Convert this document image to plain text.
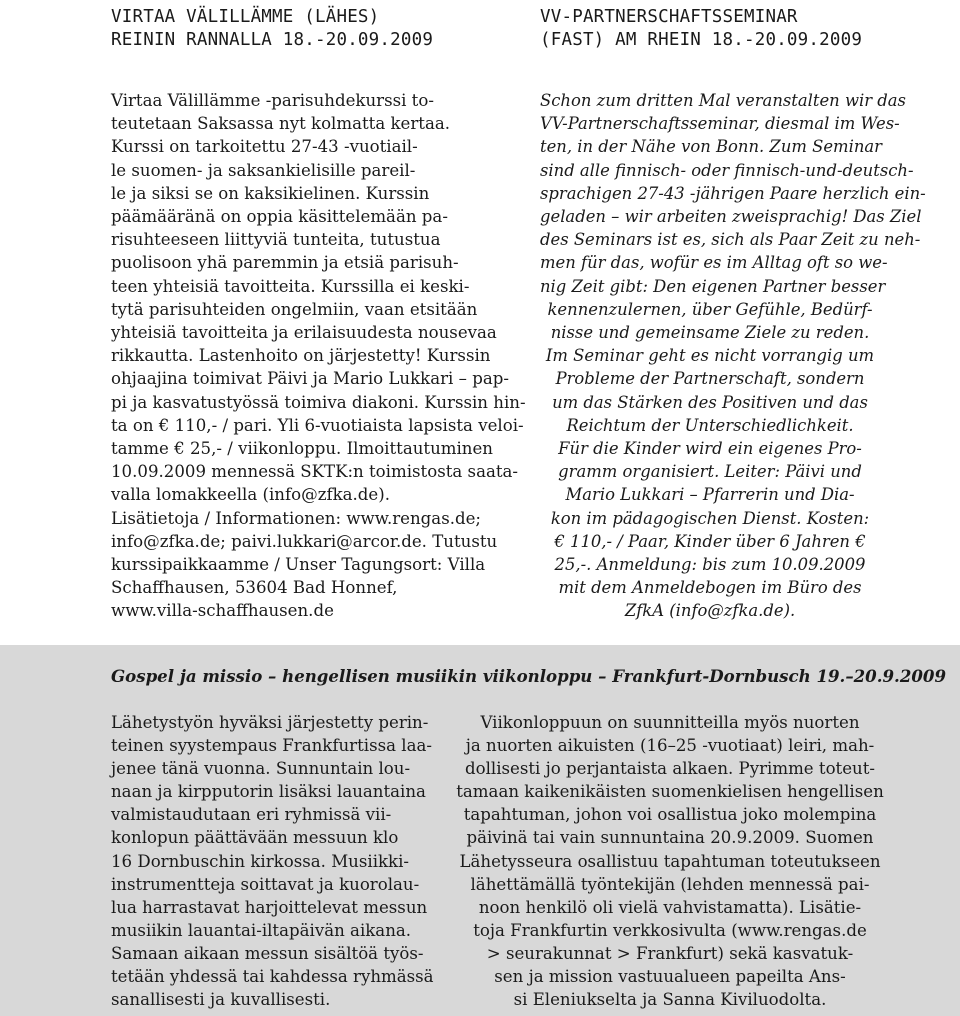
VIRTAA VÄLILLÄMME (LÄHES)
REININ RANNALLA 18.-20.09.2009
Virtaa Välillämme -parisuhdekurssi to-
teutetaan Saksassa nyt kolmatta kertaa.
Kurssi on tarkoitettu 27-43 -vuotiail-
le suomen- ja saksankielisille pareil-
le ja siksi se on kaksikielinen. Kurssin
päämääränä on oppia käsittelemään pa-
risuhteeseen liittyviä tunteita, tutustua
puolisoon yhä paremmin ja etsiä parisuh-
teen yhteisiä tavoitteita. Kurssilla ei keski-
tytä parisuhteiden ongelmiin, vaan etsitään
yhteisiä tavoitteita ja erilaisuudesta nousevaa
rikkautta. Lastenhoito on järjestetty! Kurssin
ohjaajina toimivat Päivi ja Mario Lukkari – pap-
pi ja kasvatustyössä toimiva diakoni. Kurssin hin-
ta on € 110,- / pari. Yli 6-vuotiaista lapsista veloi-
tamme € 25,- / viikonloppu. Ilmoittautuminen
10.09.2009 mennessä SKTK:n toimistosta saata-
valla lomakkeella (info@zfka.de).
Lisätietoja / Informationen: www.rengas.de;
info@zfka.de; paivi.lukkari@arcor.de. Tutustu
kurssipaikkaamme / Unser Tagungsort: Villa
Schaffhausen, 53604 Bad Honnef,
www.villa-schaffhausen.de
VV-PARTNERSCHAFTSSEMINAR
(FAST) AM RHEIN 18.-20.09.2009
Schon zum dritten Mal veranstalten wir das
VV-Partnerschaftsseminar, diesmal im Wes-
ten, in der Nähe von Bonn. Zum Seminar
sind alle finnisch- oder finnisch-und-deutsch-
sprachigen 27-43 -jährigen Paare herzlich ein-
geladen – wir arbeiten zweisprachig! Das Ziel
des Seminars ist es, sich als Paar Zeit zu neh-
men für das, wofür es im Alltag oft so we-
nig Zeit gibt: Den eigenen Partner besser
kennenzulernen, über Gefühle, Bedürf-
nisse und gemeinsame Ziele zu reden.
Im Seminar geht es nicht vorrangig um
Probleme der Partnerschaft, sondern
um das Stärken des Positiven und das
Reichtum der Unterschiedlichkeit.
Für die Kinder wird ein eigenes Pro-
gramm organisiert. Leiter: Päivi und
Mario Lukkari – Pfarrerin und Dia-
kon im pädagogischen Dienst. Kosten:
€ 110,- / Paar, Kinder über 6 Jahren €
25,-. Anmeldung: bis zum 10.09.2009
mit dem Anmeldebogen im Büro des
ZfkA (info@zfka.de).
Gospel ja missio – hengellisen musiikin viikonloppu – Frankfurt-Dornbusch 19.–20.9.2009
Lähetystyön hyväksi järjestetty perin-
teinen syystempaus Frankfurtissa laa-
jenee tänä vuonna. Sunnuntain lou-
naan ja kirpputorin lisäksi lauantaina
valmistaudutaan eri ryhmissä vii-
konlopun päättävään messuun klo
16 Dornbuschin kirkossa. Musiikki-
instrumentteja soittavat ja kuorolau-
lua harrastavat harjoittelevat messun
musiikin lauantai-iltapäivän aikana.
Samaan aikaan messun sisältöä työs-
tetään yhdessä tai kahdessa ryhmässä
sanallisesti ja kuvallisesti.
Viikonloppuun on suunnitteilla myös nuorten
ja nuorten aikuisten (16–25 -vuotiaat) leiri, mah-
dollisesti jo perjantaista alkaen. Pyrimme toteut-
tamaan kaikenikäisten suomenkielisen hengellisen
tapahtuman, johon voi osallistua joko molempina
päivinä tai vain sunnuntaina 20.9.2009. Suomen
Lähetysseura osallistuu tapahtuman toteutukseen
lähettämällä työntekijän (lehden mennessä pai-
noon henkilö oli vielä vahvistamatta). Lisätie-
toja Frankfurtin verkkosivulta (www.rengas.de
> seurakunnat > Frankfurt) sekä kasvatuk-
sen ja mission vastuualueen papeilta Ans-
si Eleniukselta ja Sanna Kiviluodolta.
